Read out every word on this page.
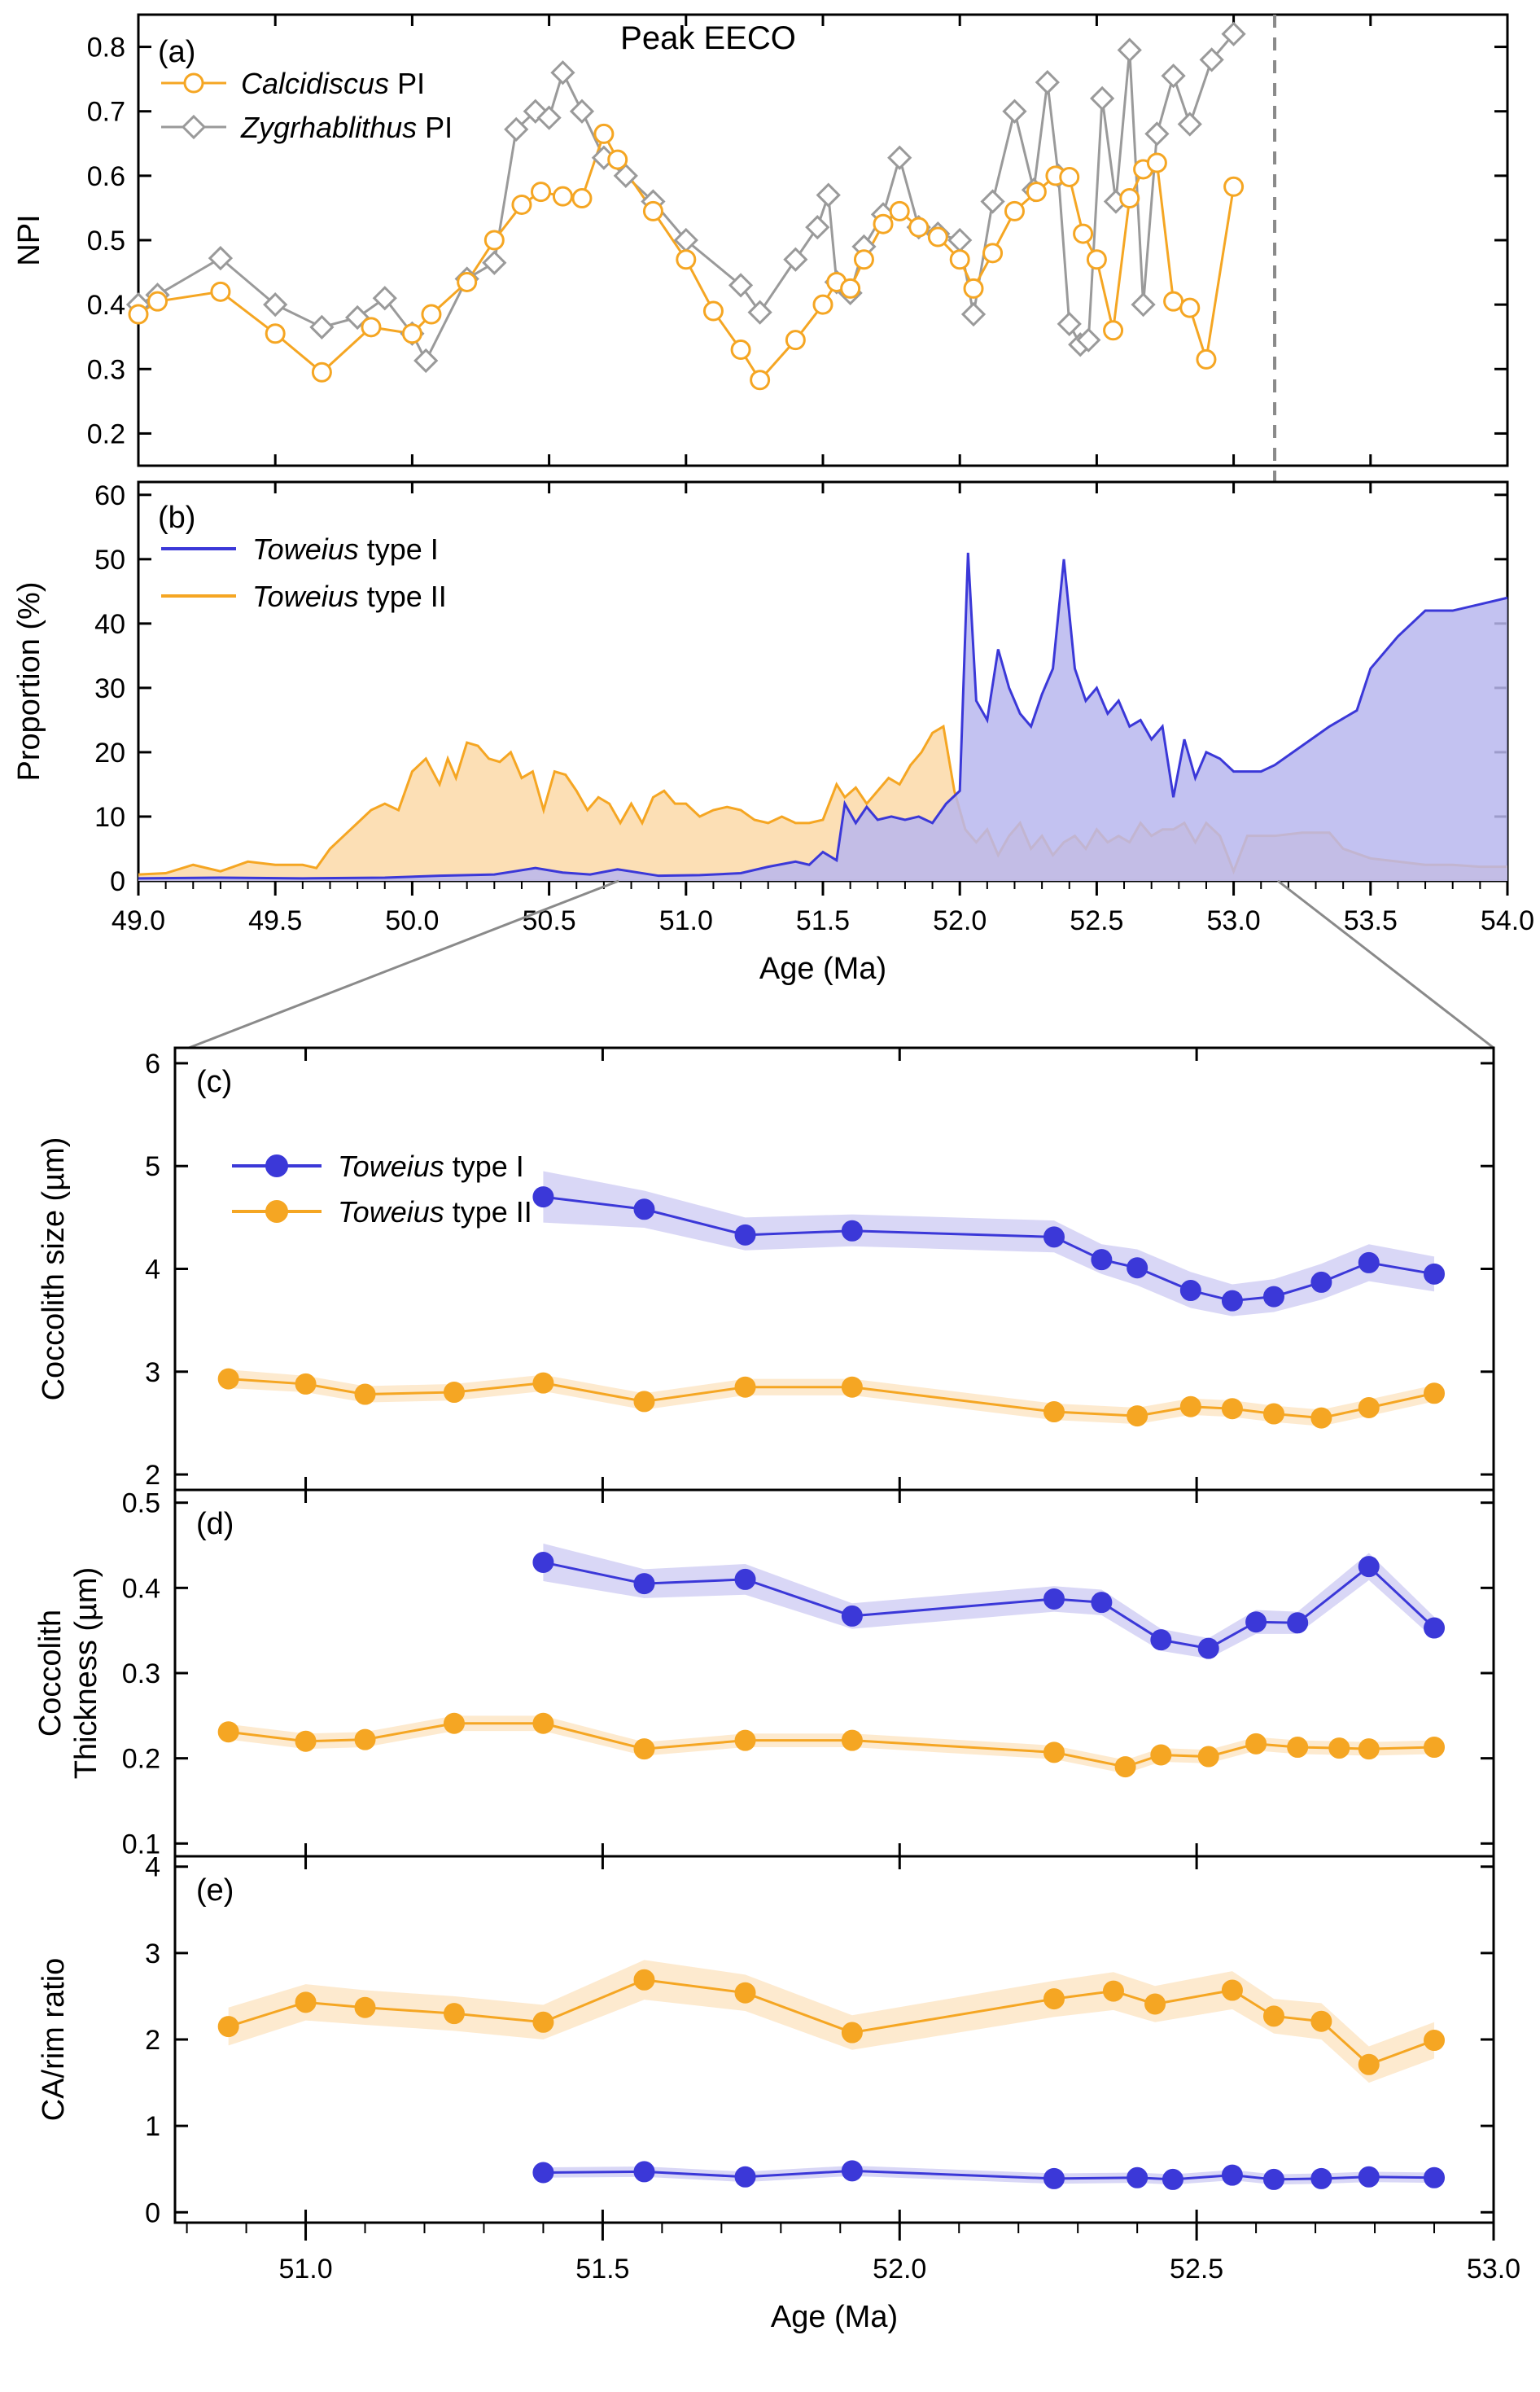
0.2
0.3
0.4
0.5
0.6
0.7
0.8
NPI
Peak EECO
(a)
Calcidiscus PI
Zygrhablithus PI
0
10
20
30
40
50
60
Proportion (%)
49.0	49.5	50.0	50.5	51.0	51.5	52.0	52.5	53.0	53.5	54.0
Age (Ma)
(b)
Toweius type I
Toweius type II
2
3
4
5
6
Coccolith size (µm)
(c)
Toweius type I
Toweius type II
0.1
0.2
0.3
0.4
0.5
CoccolithThickness (µm)
(d)
0
1
2
3
4
CA/rim ratio
(e)
51.0	51.5	52.0	52.5	53.0
Age (Ma)
